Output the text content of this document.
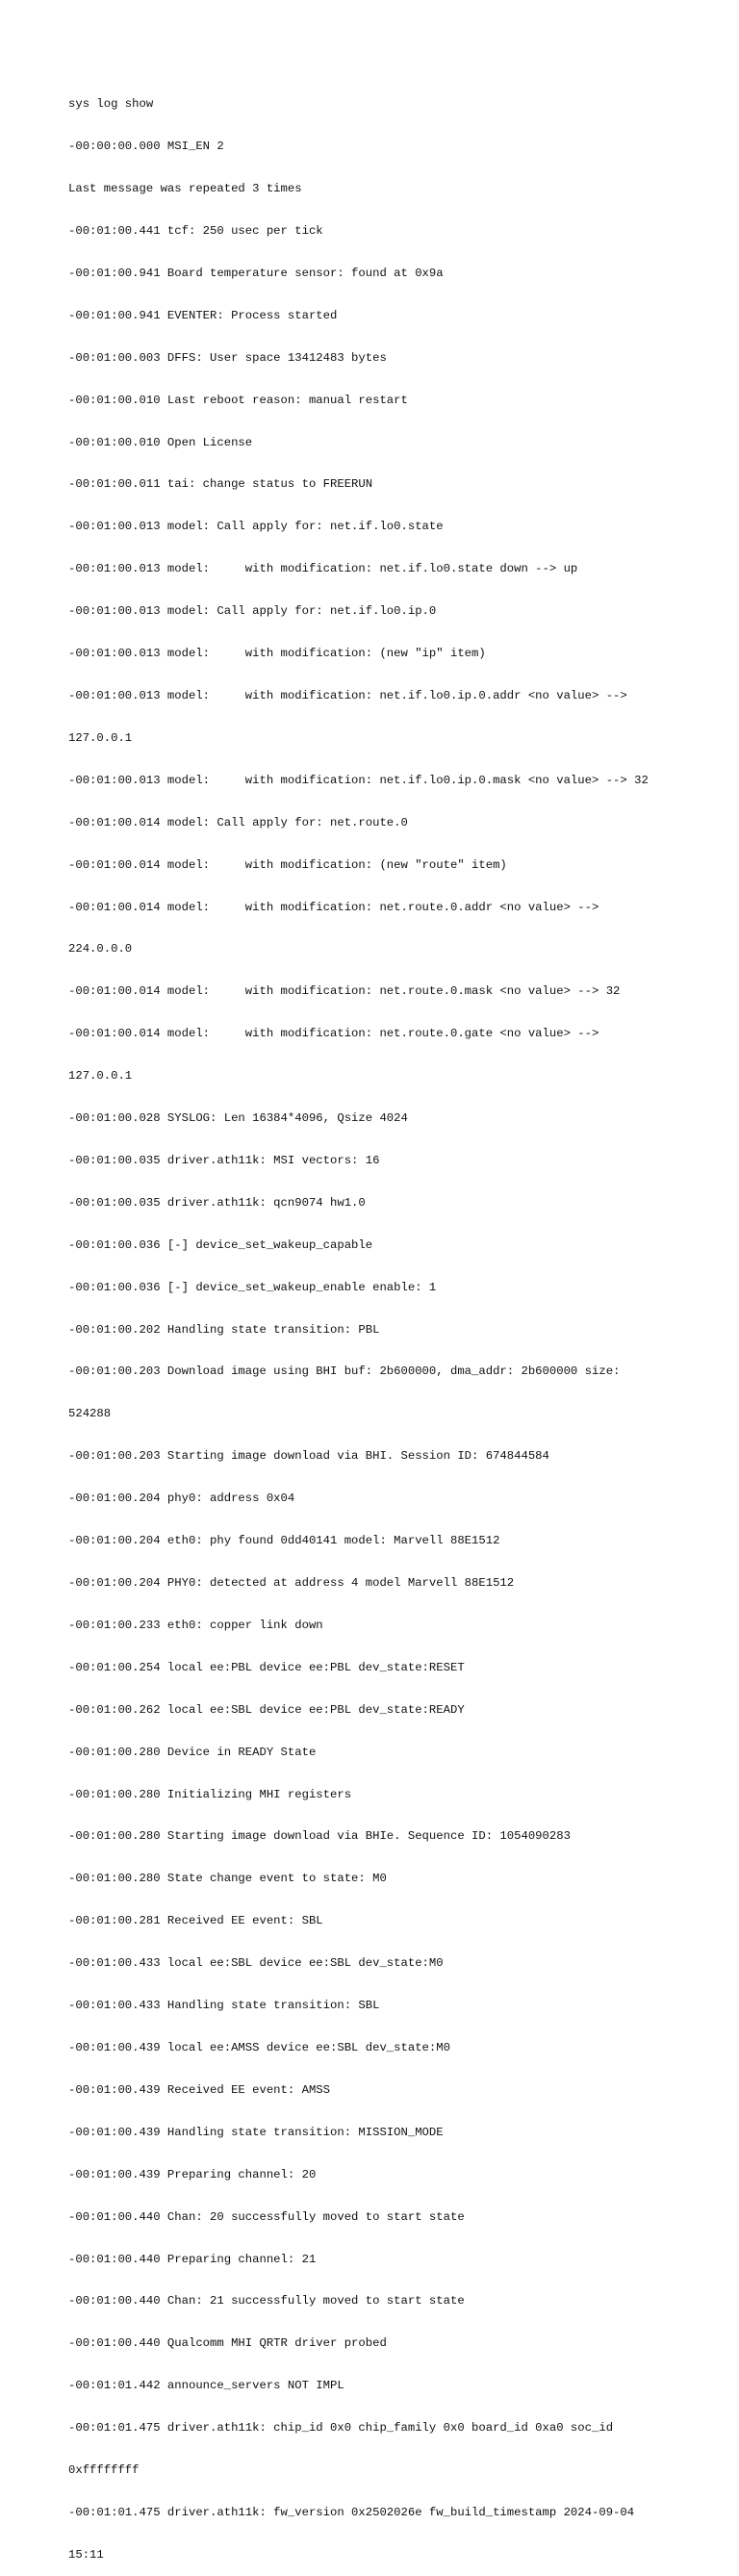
sys log show

-00:00:00.000 MSI_EN 2

Last message was repeated 3 times

-00:01:00.441 tcf: 250 usec per tick

-00:01:00.941 Board temperature sensor: found at 0x9a

-00:01:00.941 EVENTER: Process started

-00:01:00.003 DFFS: User space 13412483 bytes

-00:01:00.010 Last reboot reason: manual restart

-00:01:00.010 Open License

-00:01:00.011 tai: change status to FREERUN

-00:01:00.013 model: Call apply for: net.if.lo0.state

-00:01:00.013 model:     with modification: net.if.lo0.state down --> up

-00:01:00.013 model: Call apply for: net.if.lo0.ip.0

-00:01:00.013 model:     with modification: (new "ip" item)

-00:01:00.013 model:     with modification: net.if.lo0.ip.0.addr <no value> -->

127.0.0.1

-00:01:00.013 model:     with modification: net.if.lo0.ip.0.mask <no value> --> 32

-00:01:00.014 model: Call apply for: net.route.0

-00:01:00.014 model:     with modification: (new "route" item)

-00:01:00.014 model:     with modification: net.route.0.addr <no value> -->

224.0.0.0

-00:01:00.014 model:     with modification: net.route.0.mask <no value> --> 32

-00:01:00.014 model:     with modification: net.route.0.gate <no value> -->

127.0.0.1

-00:01:00.028 SYSLOG: Len 16384*4096, Qsize 4024

-00:01:00.035 driver.ath11k: MSI vectors: 16

-00:01:00.035 driver.ath11k: qcn9074 hw1.0

-00:01:00.036 [-] device_set_wakeup_capable

-00:01:00.036 [-] device_set_wakeup_enable enable: 1

-00:01:00.202 Handling state transition: PBL

-00:01:00.203 Download image using BHI buf: 2b600000, dma_addr: 2b600000 size:

524288

-00:01:00.203 Starting image download via BHI. Session ID: 674844584

-00:01:00.204 phy0: address 0x04

-00:01:00.204 eth0: phy found 0dd40141 model: Marvell 88E1512

-00:01:00.204 PHY0: detected at address 4 model Marvell 88E1512

-00:01:00.233 eth0: copper link down

-00:01:00.254 local ee:PBL device ee:PBL dev_state:RESET

-00:01:00.262 local ee:SBL device ee:PBL dev_state:READY

-00:01:00.280 Device in READY State

-00:01:00.280 Initializing MHI registers

-00:01:00.280 Starting image download via BHIe. Sequence ID: 1054090283

-00:01:00.280 State change event to state: M0

-00:01:00.281 Received EE event: SBL

-00:01:00.433 local ee:SBL device ee:SBL dev_state:M0

-00:01:00.433 Handling state transition: SBL

-00:01:00.439 local ee:AMSS device ee:SBL dev_state:M0

-00:01:00.439 Received EE event: AMSS

-00:01:00.439 Handling state transition: MISSION_MODE

-00:01:00.439 Preparing channel: 20

-00:01:00.440 Chan: 20 successfully moved to start state

-00:01:00.440 Preparing channel: 21

-00:01:00.440 Chan: 21 successfully moved to start state

-00:01:00.440 Qualcomm MHI QRTR driver probed

-00:01:01.442 announce_servers NOT IMPL

-00:01:01.475 driver.ath11k: chip_id 0x0 chip_family 0x0 board_id 0xa0 soc_id

0xffffffff

-00:01:01.475 driver.ath11k: fw_version 0x2502026e fw_build_timestamp 2024-09-04

15:11
